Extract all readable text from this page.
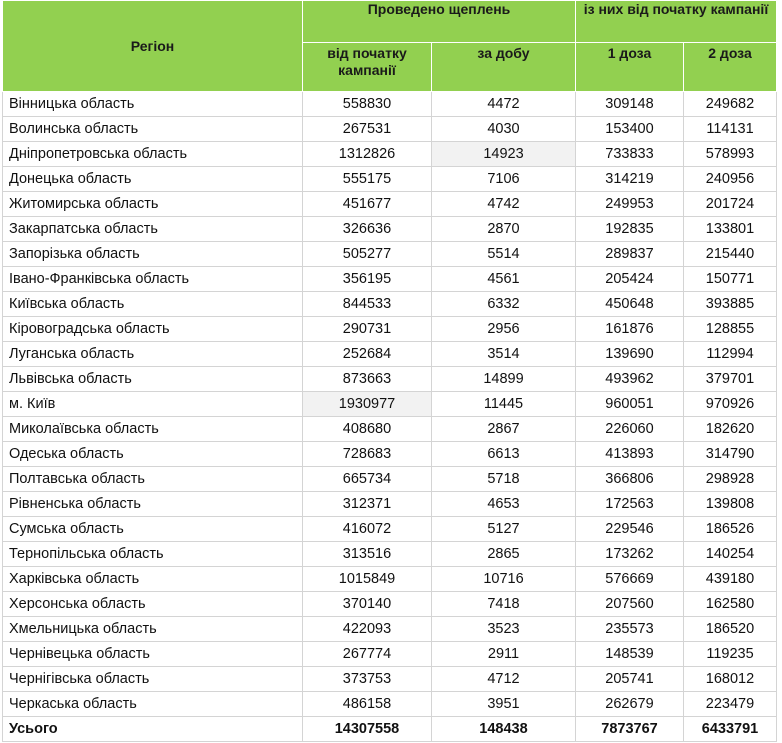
Регіон	Проведено щеплень		із них від початку кампанії	
	від початку кампанії	за добу	1 доза	2 доза
Вінницька область	558830	4472	309148	249682
Волинська область	267531	4030	153400	114131
Дніпропетровська область	1312826	14923	733833	578993
Донецька область	555175	7106	314219	240956
Житомирська область	451677	4742	249953	201724
Закарпатська область	326636	2870	192835	133801
Запорізька область	505277	5514	289837	215440
Івано-Франківська область	356195	4561	205424	150771
Київська область	844533	6332	450648	393885
Кіровоградська область	290731	2956	161876	128855
Луганська область	252684	3514	139690	112994
Львівська область	873663	14899	493962	379701
м. Київ	1930977	11445	960051	970926
Миколаївська область	408680	2867	226060	182620
Одеська область	728683	6613	413893	314790
Полтавська область	665734	5718	366806	298928
Рівненська область	312371	4653	172563	139808
Сумська область	416072	5127	229546	186526
Тернопільська область	313516	2865	173262	140254
Харківська область	1015849	10716	576669	439180
Херсонська область	370140	7418	207560	162580
Хмельницька область	422093	3523	235573	186520
Чернівецька область	267774	2911	148539	119235
Чернігівська область	373753	4712	205741	168012
Черкаська область	486158	3951	262679	223479
Усього	14307558	148438	7873767	6433791
